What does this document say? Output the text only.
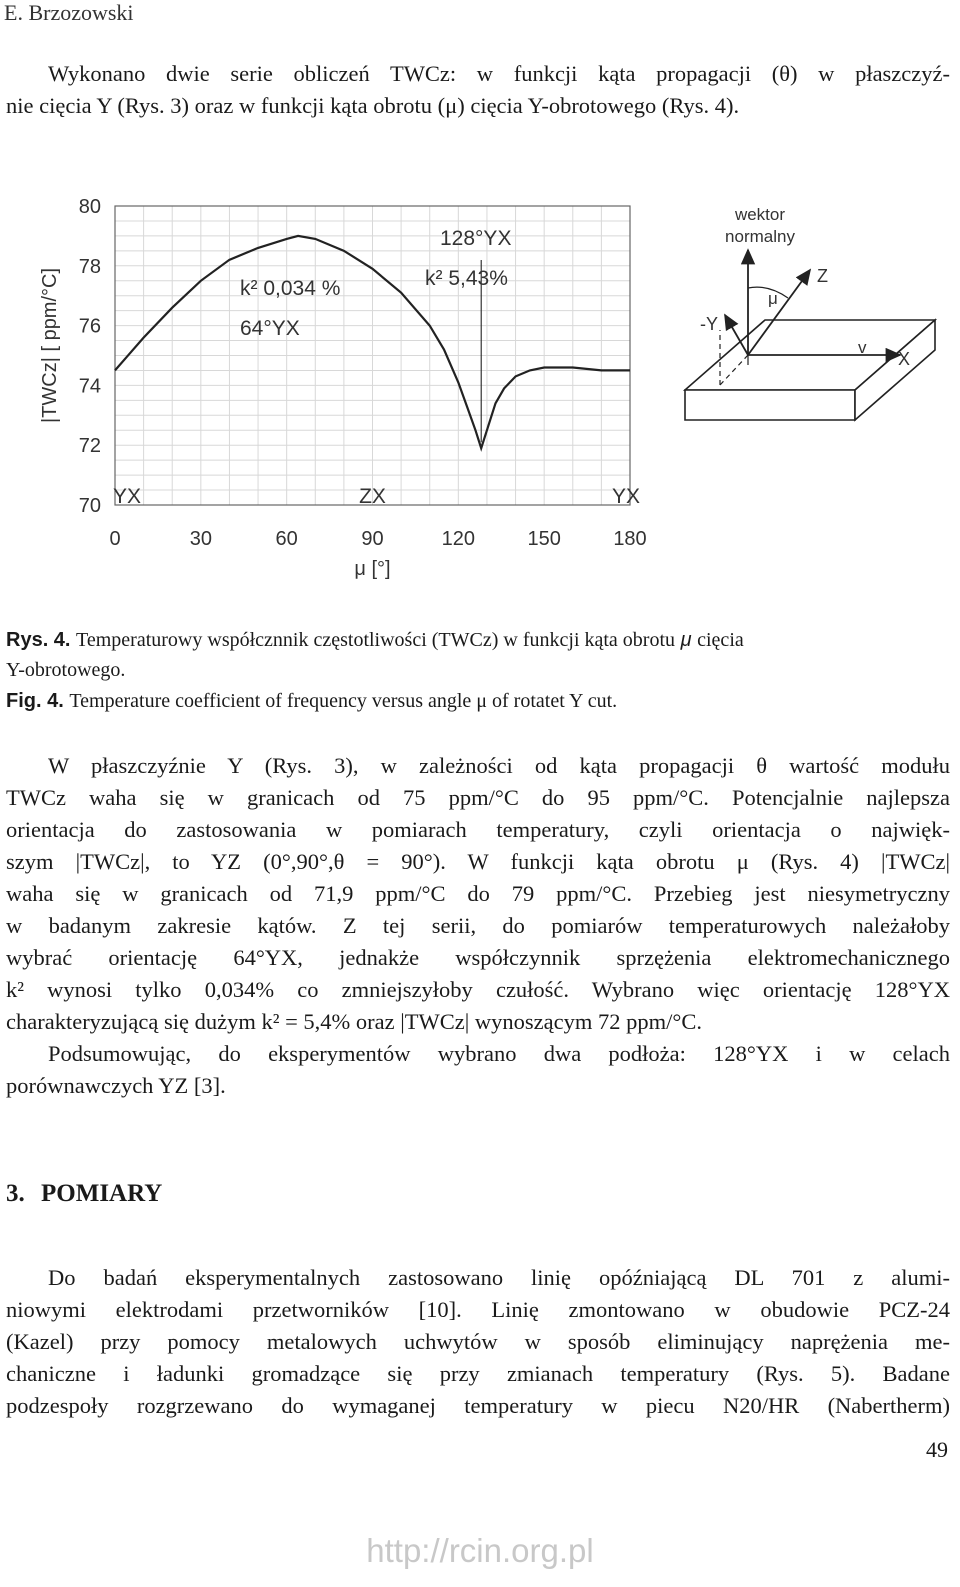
E. Brzozowski
Wykonano dwie serie obliczeń TWCz: w funkcji kąta propagacji (θ) w płaszczyź-
nie cięcia Y (Rys. 3) oraz w funkcji kąta obrotu (μ) cięcia Y-obrotowego (Rys. 4).
80
78
76
74
72
70
0	30	60	90	120	150	180
|TWCz| [ ppm/°C]
μ [°]
k² 0,034 %
64°YX
128°YX
k² 5,43%
YX	ZX	YX
wektor
normalny
Z
-Y
X
μ
v
Rys. 4. Temperaturowy współcznnik częstotliwości (TWCz) w funkcji kąta obrotu μ cięcia
Y-obrotowego.
Fig. 4. Temperature coefficient of frequency versus angle μ of rotatet Y cut.
W płaszczyźnie Y (Rys. 3), w zależności od kąta propagacji θ wartość modułu
TWCz waha się w granicach od 75 ppm/°C do 95 ppm/°C. Potencjalnie najlepsza
orientacja do zastosowania w pomiarach temperatury, czyli orientacja o najwięk-
szym |TWCz|, to YZ (0°,90°,θ = 90°). W funkcji kąta obrotu μ (Rys. 4) |TWCz|
waha się w granicach od 71,9 ppm/°C do 79 ppm/°C. Przebieg jest niesymetryczny
w badanym zakresie kątów. Z tej serii, do pomiarów temperaturowych należałoby
wybrać orientację 64°YX, jednakże współczynnik sprzężenia elektromechanicznego
k² wynosi tylko 0,034% co zmniejszyłoby czułość. Wybrano więc orientację 128°YX
charakteryzującą się dużym k² = 5,4% oraz |TWCz| wynoszącym 72 ppm/°C.
Podsumowując, do eksperymentów wybrano dwa podłoża: 128°YX i w celach
porównawczych YZ [3].
3. POMIARY
Do badań eksperymentalnych zastosowano linię opóźniającą DL 701 z alumi-
niowymi elektrodami przetworników [10]. Linię zmontowano w obudowie PCZ-24
(Kazel) przy pomocy metalowych uchwytów w sposób eliminujący naprężenia me-
chaniczne i ładunki gromadzące się przy zmianach temperatury (Rys. 5). Badane
podzespoły rozgrzewano do wymaganej temperatury w piecu N20/HR (Nabertherm)
49
http://rcin.org.pl
